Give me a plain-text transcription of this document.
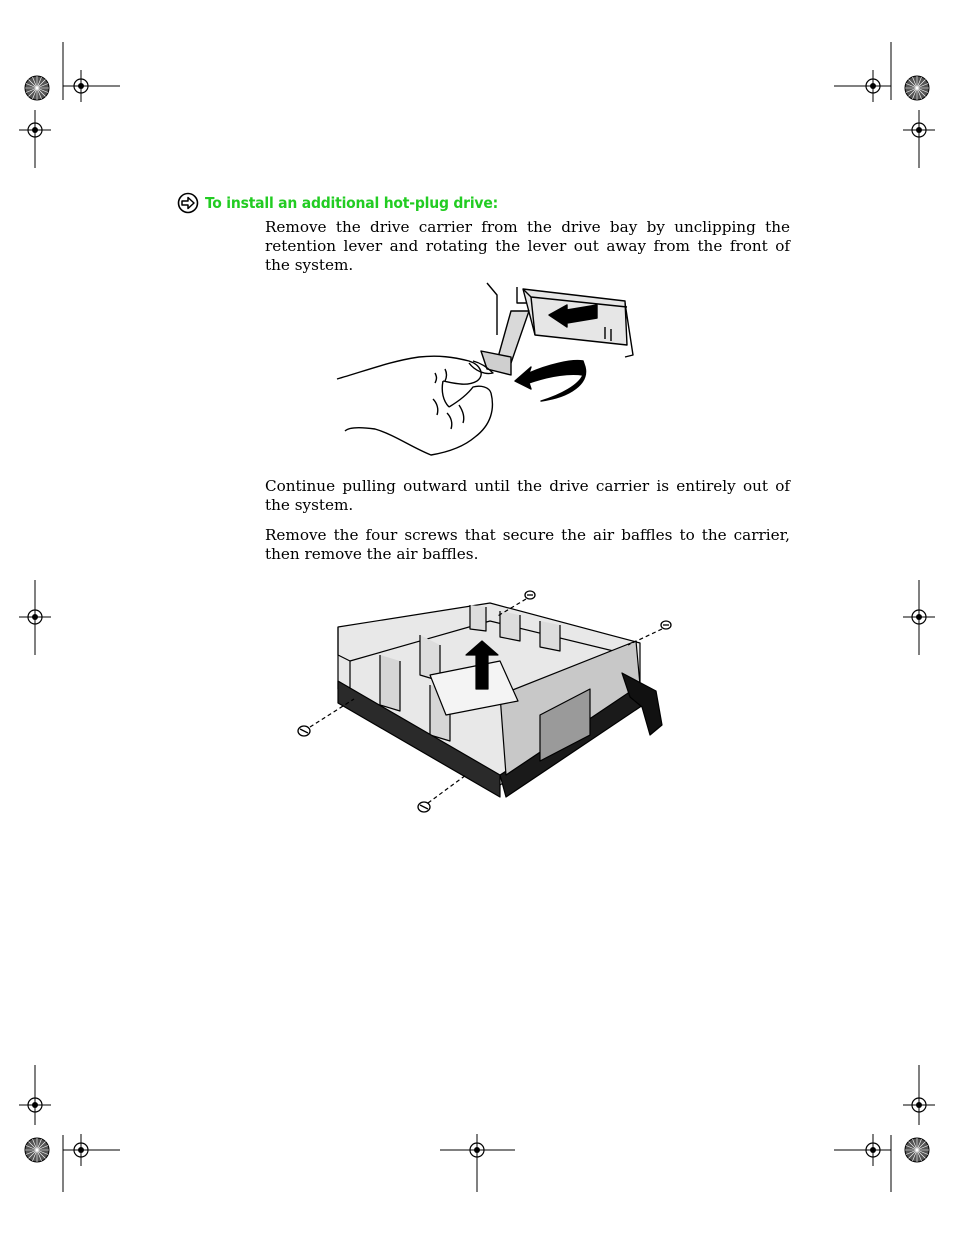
To install an additional hot-plug drive:

Remove the drive carrier from the drive bay by unclipping the retention lever and rotating the lever out away from the front of the system.

Continue pulling outward until the drive carrier is entirely out of the system.

Remove the four screws that secure the air baffles to the carrier, then remove the air baffles.
